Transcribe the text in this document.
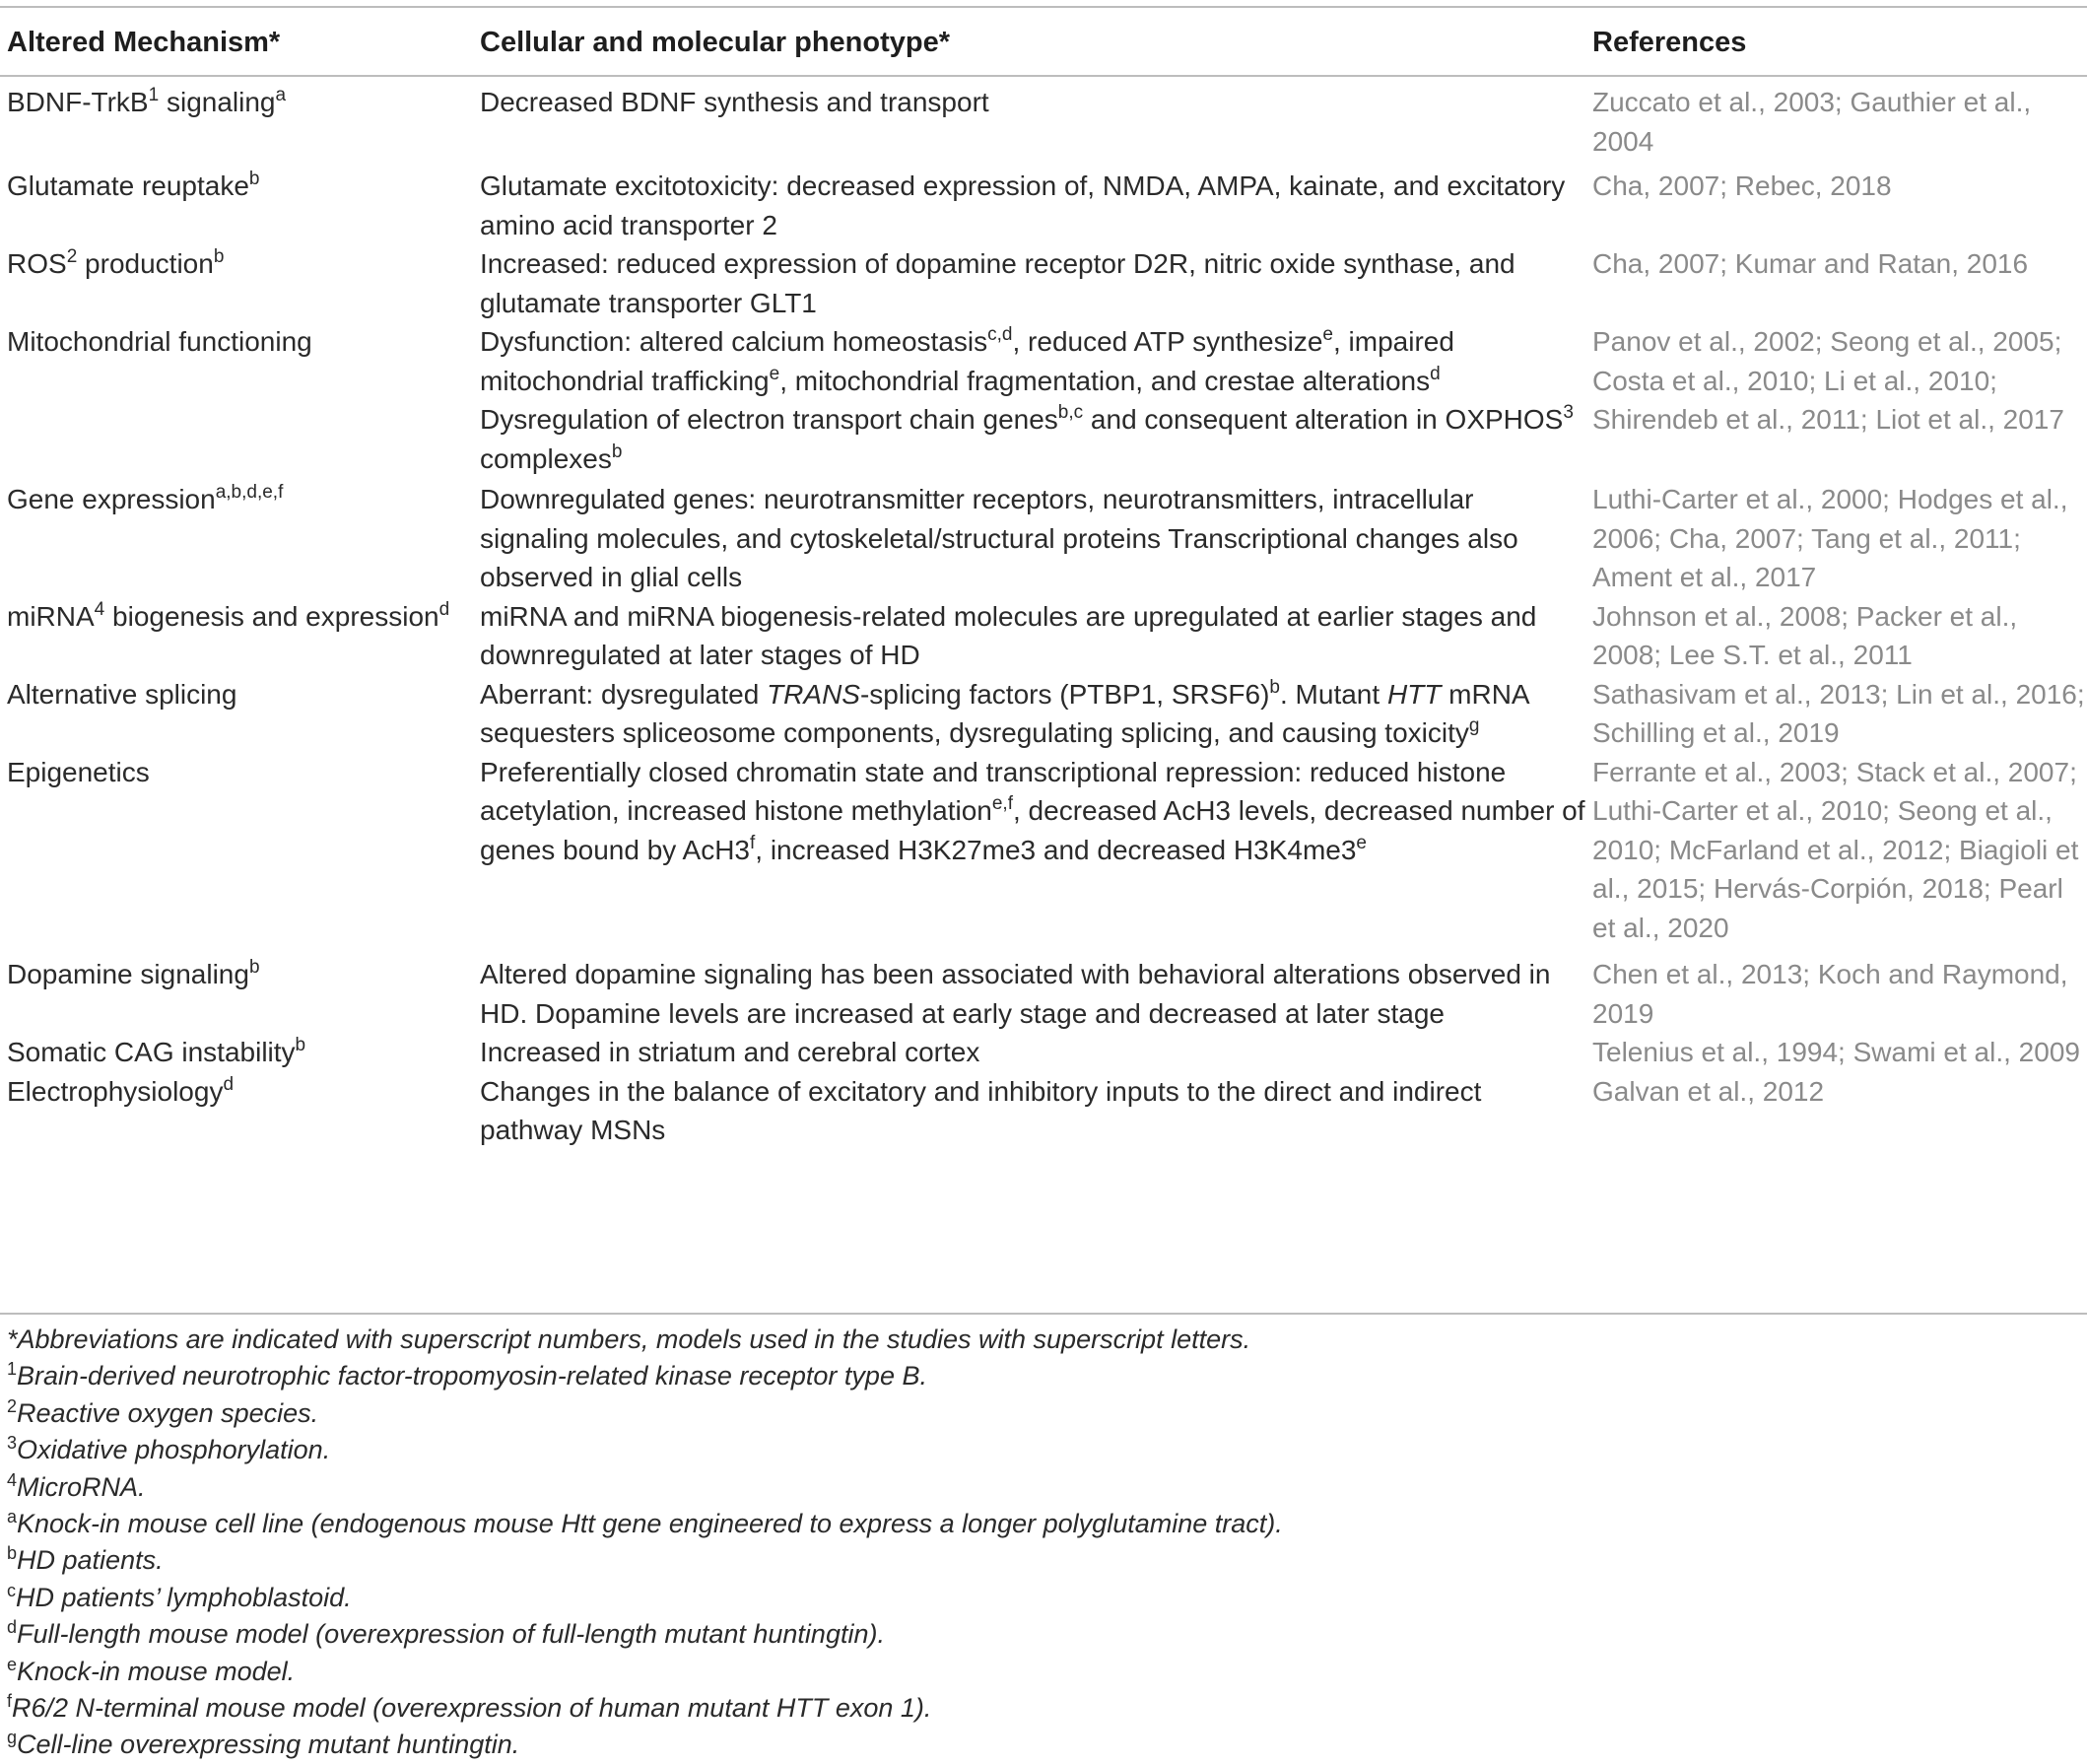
Altered Mechanism*	Cellular and molecular phenotype*	References
BDNF-TrkB$^1$ signaling$^a$	Decreased BDNF synthesis and transport	Zuccato et al., 2003; Gauthier et al., 2004
Glutamate reuptake$^b$	Glutamate excitotoxicity: decreased expression of, NMDA, AMPA, kainate, and excitatory amino acid transporter 2	Cha, 2007; Rebec, 2018
ROS$^2$ production$^b$	Increased: reduced expression of dopamine receptor D2R, nitric oxide synthase, and glutamate transporter GLT1	Cha, 2007; Kumar and Ratan, 2016
Mitochondrial functioning	Dysfunction: altered calcium homeostasis$^{c,d}$, reduced ATP synthesize$^e$, impaired mitochondrial trafficking$^e$, mitochondrial fragmentation, and crestae alterations$^d$ Dysregulation of electron transport chain genes$^{b,c}$ and consequent alteration in OXPHOS$^3$ complexes$^b$	Panov et al., 2002; Seong et al., 2005; Costa et al., 2010; Li et al., 2010; Shirendeb et al., 2011; Liot et al., 2017
Gene expression$^{a,b,d,e,f}$	Downregulated genes: neurotransmitter receptors, neurotransmitters, intracellular signaling molecules, and cytoskeletal/structural proteins Transcriptional changes also observed in glial cells	Luthi-Carter et al., 2000; Hodges et al., 2006; Cha, 2007; Tang et al., 2011; Ament et al., 2017
miRNA$^4$ biogenesis and expression$^d$	miRNA and miRNA biogenesis-related molecules are upregulated at earlier stages and downregulated at later stages of HD	Johnson et al., 2008; Packer et al., 2008; Lee S.T. et al., 2011
Alternative splicing	Aberrant: dysregulated TRANS-splicing factors (PTBP1, SRSF6)$^b$. Mutant HTT mRNA sequesters spliceosome components, dysregulating splicing, and causing toxicity$^g$	Sathasivam et al., 2013; Lin et al., 2016; Schilling et al., 2019
Epigenetics	Preferentially closed chromatin state and transcriptional repression: reduced histone acetylation, increased histone methylation$^{e,f}$, decreased AcH3 levels, decreased number of genes bound by AcH3$^f$, increased H3K27me3 and decreased H3K4me3e	Ferrante et al., 2003; Stack et al., 2007; Luthi-Carter et al., 2010; Seong et al., 2010; McFarland et al., 2012; Biagioli et al., 2015; Hervás-Corpión, 2018; Pearl et al., 2020
Dopamine signaling$^b$	Altered dopamine signaling has been associated with behavioral alterations observed in HD. Dopamine levels are increased at early stage and decreased at later stage	Chen et al., 2013; Koch and Raymond, 2019
Somatic CAG instability$^b$	Increased in striatum and cerebral cortex	Telenius et al., 1994; Swami et al., 2009
Electrophysiology$^d$	Changes in the balance of excitatory and inhibitory inputs to the direct and indirect pathway MSNs	Galvan et al., 2012
*Abbreviations are indicated with superscript numbers, models used in the studies with superscript letters.
$^1$Brain-derived neurotrophic factor-tropomyosin-related kinase receptor type B.
$^2$Reactive oxygen species.
$^3$Oxidative phosphorylation.
$^4$MicroRNA.
$^a$Knock-in mouse cell line (endogenous mouse Htt gene engineered to express a longer polyglutamine tract).
$^b$HD patients.
$^c$HD patients’ lymphoblastoid.
$^d$Full-length mouse model (overexpression of full-length mutant huntingtin).
$^e$Knock-in mouse model.
$^f$R6/2 N-terminal mouse model (overexpression of human mutant HTT exon 1).
$^g$Cell-line overexpressing mutant huntingtin.
